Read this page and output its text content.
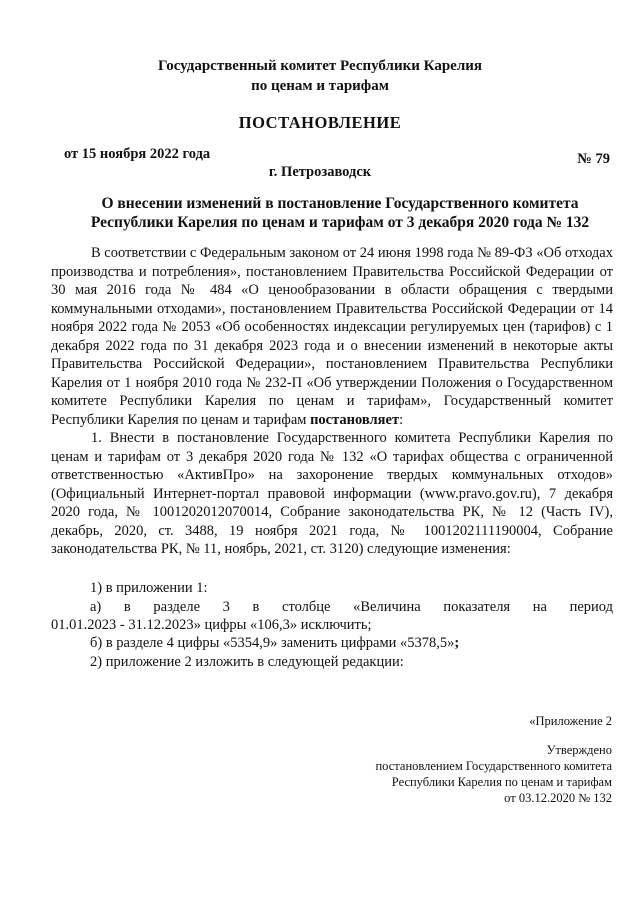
Государственный комитет Республики Карелия
по ценам и тарифам
ПОСТАНОВЛЕНИЕ
от 15 ноября 2022 года	№ 79
г. Петрозаводск
О внесении изменений в постановление Государственного комитета
Республики Карелия по ценам и тарифам от 3 декабря 2020 года № 132

В соответствии с Федеральным законом от 24 июня 1998 года № 89-ФЗ «Об отходах производства и потребления», постановлением Правительства Российской Федерации от 30 мая 2016 года № 484 «О ценообразовании в области обращения с твердыми коммунальными отходами», постановлением Правительства Российской Федерации от 14 ноября 2022 года № 2053 «Об особенностях индексации регулируемых цен (тарифов) с 1 декабря 2022 года по 31 декабря 2023 года и о внесении изменений в некоторые акты Правительства Российской Федерации», постановлением Правительства Республики Карелия от 1 ноября 2010 года № 232-П «Об утверждении Положения о Государственном комитете Республики Карелия по ценам и тарифам», Государственный комитет Республики Карелия по ценам и тарифам постановляет:

1. Внести в постановление Государственного комитета Республики Карелия по ценам и тарифам от 3 декабря 2020 года № 132 «О тарифах общества с ограниченной ответственностью «АктивПро» на захоронение твердых коммунальных отходов» (Официальный Интернет-портал правовой информации (www.pravo.gov.ru), 7 декабря 2020 года, № 1001202012070014, Собрание законодательства РК, № 12 (Часть IV), декабрь, 2020, ст. 3488, 19 ноября 2021 года, № 1001202111190004, Собрание законодательства РК, № 11, ноябрь, 2021, ст. 3120) следующие изменения:

1) в приложении 1:
а) в разделе 3 в столбце «Величина показателя на период
01.01.2023 - 31.12.2023» цифры «106,3» исключить;
б) в разделе 4 цифры «5354,9» заменить цифрами «5378,5»;
2) приложение 2 изложить в следующей редакции:
«Приложение 2
Утверждено
постановлением Государственного комитета
Республики Карелия по ценам и тарифам
от 03.12.2020 № 132
